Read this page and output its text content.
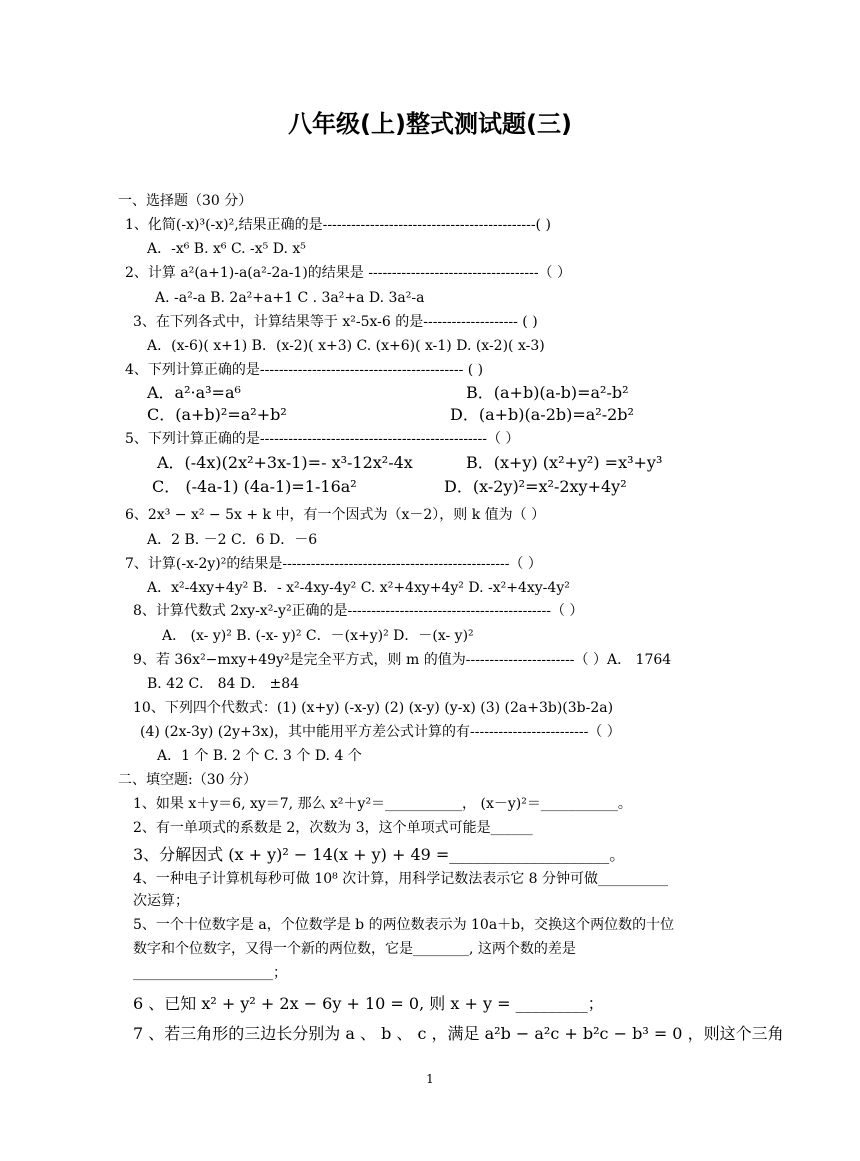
八年级(上)整式测试题(三)
一、选择题（30 分）
1、化简(-x)³(-x)²,结果正确的是---------------------------------------------( )
A．-x⁶ B. x⁶ C. -x⁵ D. x⁵
2、计算 a²(a+1)-a(a²-2a-1)的结果是 ------------------------------------（ ）
A. -a²-a B. 2a²+a+1 C . 3a²+a D. 3a²-a
3、在下列各式中，计算结果等于 x²-5x-6 的是-------------------- ( )
A．(x-6)( x+1) B．(x-2)( x+3) C. (x+6)( x-1) D. (x-2)( x-3)
4、下列计算正确的是------------------------------------------- ( )
A．a²·a³=a⁶	B．(a+b)(a-b)=a²-b²
C．(a+b)²=a²+b²	D．(a+b)(a-2b)=a²-2b²
5、下列计算正确的是------------------------------------------------（ ）
A．(-4x)(2x²+3x-1)=- x³-12x²-4x	B．(x+y) (x²+y²) =x³+y³
C． (-4a-1) (4a-1)=1-16a²	D．(x-2y)²=x²-2xy+4y²
6、2x³ − x² − 5x + k 中，有一个因式为（x－2），则 k 值为（ ）
A．2 B. －2 C．6 D．－6
7、计算(-x-2y)²的结果是------------------------------------------------（ ）
A．x²-4xy+4y² B．- x²-4xy-4y² C. x²+4xy+4y² D. -x²+4xy-4y²
8、计算代数式 2xy-x²-y²正确的是-------------------------------------------（ ）
A． (x- y)² B. (-x- y)² C．－(x+y)² D．－(x- y)²
9、若 36x²−mxy+49y²是完全平方式，则 m 的值为-----------------------（ ）A． 1764
B. 42 C． 84 D． ±84
10、下列四个代数式：(1) (x+y) (-x-y) (2) (x-y) (y-x) (3) (2a+3b)(3b-2a)
(4) (2x-3y) (2y+3x)，其中能用平方差公式计算的有-------------------------（ ）
A．1 个 B. 2 个 C. 3 个 D. 4 个
二、填空题:（30 分）
1、如果 x＋y＝6, xy＝7, 那么 x²＋y²＝___________， (x－y)²＝___________。
2、有一单项式的系数是 2，次数为 3，这个单项式可能是______
3、分解因式 (x + y)² − 14(x + y) + 49 =____________________。
4、一种电子计算机每秒可做 10⁸ 次计算，用科学记数法表示它 8 分钟可做__________
次运算；
5、一个十位数字是 a，个位数学是 b 的两位数表示为 10a＋b，交换这个两位数的十位
数字和个位数字，又得一个新的两位数，它是________, 这两个数的差是
____________________；
6 、已知 x² + y² + 2x − 6y + 10 = 0, 则 x + y = _________；
7 、若三角形的三边长分别为 a 、 b 、 c ，满足 a²b − a²c + b²c − b³ = 0 ，则这个三角
1
